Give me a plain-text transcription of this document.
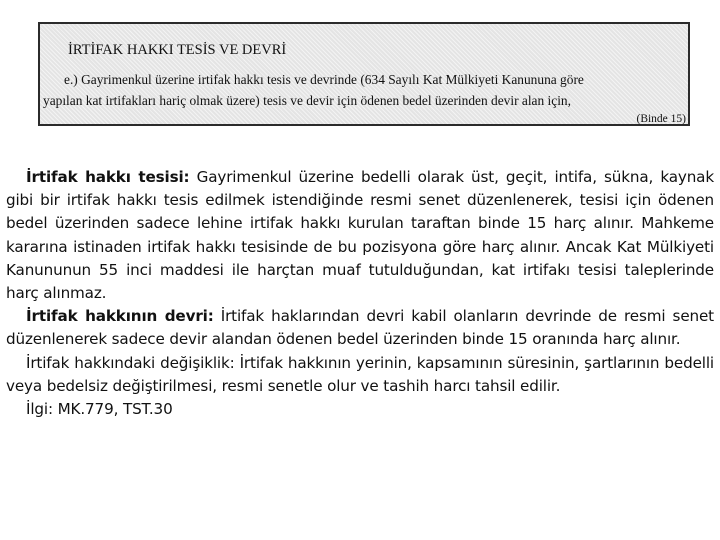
İRTİFAK HAKKI TESİS VE DEVRİ
e.) Gayrimenkul üzerine irtifak hakkı tesis ve devrinde (634 Sayılı Kat Mülkiyeti Kanununa göre
yapılan kat irtifakları hariç olmak üzere) tesis ve devir için ödenen bedel üzerinden devir alan için,
(Binde 15)

İrtifak hakkı tesisi: Gayrimenkul üzerine bedelli olarak üst, geçit, intifa, sükna, kaynak gibi bir irtifak hakkı tesis edilmek istendiğinde resmi senet düzenlenerek, tesisi için ödenen bedel üzerinden sadece lehine irtifak hakkı kurulan taraftan binde 15 harç alınır. Mahkeme kararına istinaden irtifak hakkı tesisinde de bu pozisyona göre harç alınır. Ancak Kat Mülkiyeti Kanununun 55 inci maddesi ile harçtan muaf tutulduğundan, kat irtifakı tesisi taleplerinde harç alınmaz.

İrtifak hakkının devri: İrtifak haklarından devri kabil olanların devrinde de resmi senet düzenlenerek sadece devir alandan ödenen bedel üzerinden binde 15 oranında harç alınır.

İrtifak hakkındaki değişiklik: İrtifak hakkının yerinin, kapsamının süresinin, şartlarının bedelli veya bedelsiz değiştirilmesi, resmi senetle olur ve tashih harcı tahsil edilir.

İlgi: MK.779, TST.30
